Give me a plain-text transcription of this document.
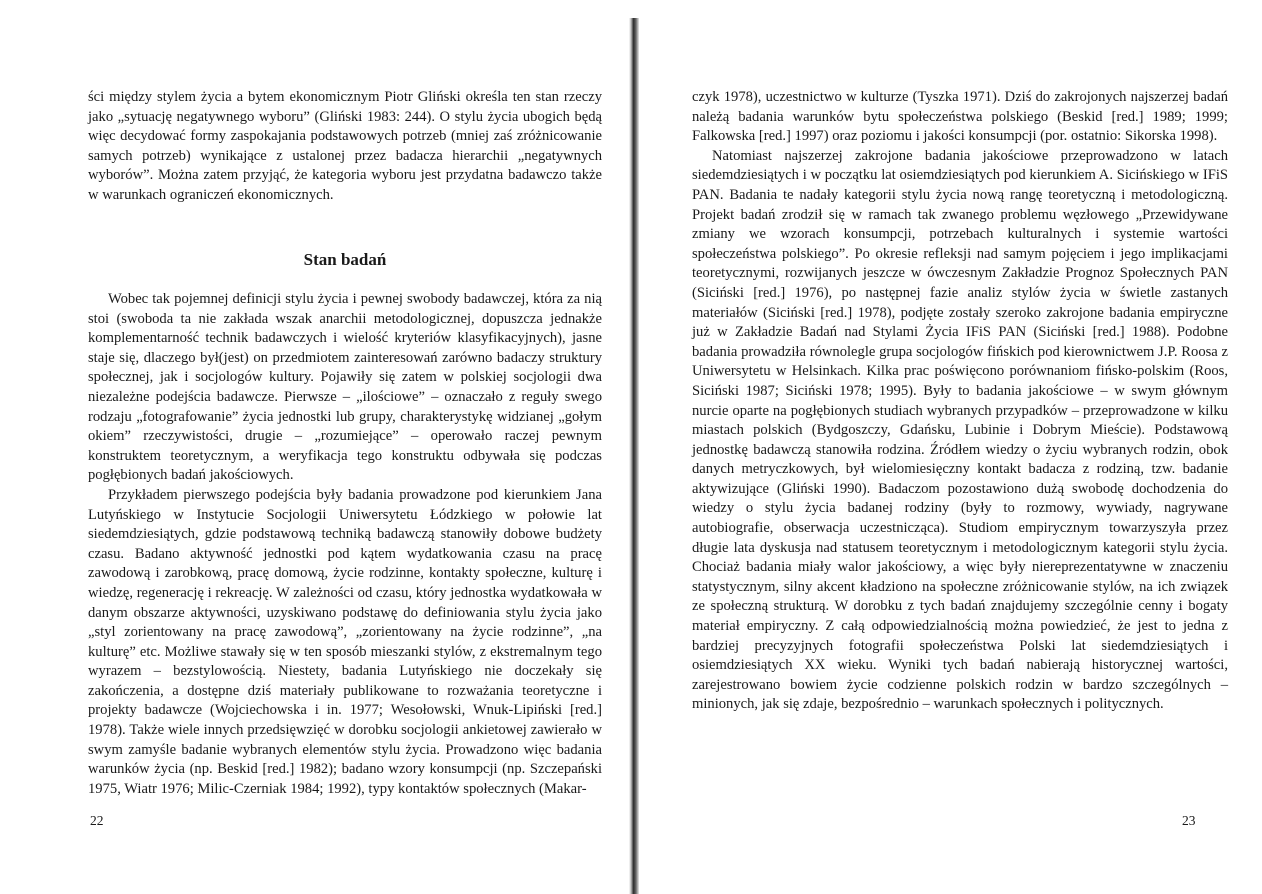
ści między stylem życia a bytem ekonomicznym Piotr Gliński określa ten stan rzeczy jako „sytuację negatywnego wyboru” (Gliński 1983: 244). O stylu życia ubogich będą więc decydować formy zaspokajania podstawowych potrzeb (mniej zaś zróżnicowanie samych potrzeb) wynikające z ustalonej przez badacza hierarchii „negatywnych wyborów”. Można zatem przyjąć, że kategoria wyboru jest przydatna badawczo także w warunkach ograniczeń ekonomicznych.

Stan badań

Wobec tak pojemnej definicji stylu życia i pewnej swobody badawczej, która za nią stoi (swoboda ta nie zakłada wszak anarchii metodologicznej, dopuszcza jednakże komplementarność technik badawczych i wielość kryteriów klasyfikacyjnych), jasne staje się, dlaczego był(jest) on przedmiotem zainteresowań zarówno badaczy struktury społecznej, jak i socjologów kultury. Pojawiły się zatem w polskiej socjologii dwa niezależne podejścia badawcze. Pierwsze – „ilościowe” – oznaczało z reguły swego rodzaju „fotografowanie” życia jednostki lub grupy, charakterystykę widzianej „gołym okiem” rzeczywistości, drugie – „rozumiejące” – operowało raczej pewnym konstruktem teoretycznym, a weryfikacja tego konstruktu odbywała się podczas pogłębionych badań jakościowych.

Przykładem pierwszego podejścia były badania prowadzone pod kierunkiem Jana Lutyńskiego w Instytucie Socjologii Uniwersytetu Łódzkiego w połowie lat siedemdziesiątych, gdzie podstawową techniką badawczą stanowiły dobowe budżety czasu. Badano aktywność jednostki pod kątem wydatkowania czasu na pracę zawodową i zarobkową, pracę domową, życie rodzinne, kontakty społeczne, kulturę i wiedzę, regenerację i rekreację. W zależności od czasu, który jednostka wydatkowała w danym obszarze aktywności, uzyskiwano podstawę do definiowania stylu życia jako „styl zorientowany na pracę zawodową”, „zorientowany na życie rodzinne”, „na kulturę” etc. Możliwe stawały się w ten sposób mieszanki stylów, z ekstremalnym tego wyrazem – bezstylowością. Niestety, badania Lutyńskiego nie doczekały się zakończenia, a dostępne dziś materiały publikowane to rozważania teoretyczne i projekty badawcze (Wojciechowska i in. 1977; Wesołowski, Wnuk-Lipiński [red.] 1978). Także wiele innych przedsięwzięć w dorobku socjologii ankietowej zawierało w swym zamyśle badanie wybranych elementów stylu życia. Prowadzono więc badania warunków życia (np. Beskid [red.] 1982); badano wzory konsumpcji (np. Szczepański 1975, Wiatr 1976; Milic-Czerniak 1984; 1992), typy kontaktów społecznych (Makar-

22

czyk 1978), uczestnictwo w kulturze (Tyszka 1971). Dziś do zakrojonych najszerzej badań należą badania warunków bytu społeczeństwa polskiego (Beskid [red.] 1989; 1999; Falkowska [red.] 1997) oraz poziomu i jakości konsumpcji (por. ostatnio: Sikorska 1998).

Natomiast najszerzej zakrojone badania jakościowe przeprowadzono w latach siedemdziesiątych i w początku lat osiemdziesiątych pod kierunkiem A. Sicińskiego w IFiS PAN. Badania te nadały kategorii stylu życia nową rangę teoretyczną i metodologiczną. Projekt badań zrodził się w ramach tak zwanego problemu węzłowego „Przewidywane zmiany we wzorach konsumpcji, potrzebach kulturalnych i systemie wartości społeczeństwa polskiego”. Po okresie refleksji nad samym pojęciem i jego implikacjami teoretycznymi, rozwijanych jeszcze w ówczesnym Zakładzie Prognoz Społecznych PAN (Siciński [red.] 1976), po następnej fazie analiz stylów życia w świetle zastanych materiałów (Siciński [red.] 1978), podjęte zostały szeroko zakrojone badania empiryczne już w Zakładzie Badań nad Stylami Życia IFiS PAN (Siciński [red.] 1988). Podobne badania prowadziła równolegle grupa socjologów fińskich pod kierownictwem J.P. Roosa z Uniwersytetu w Helsinkach. Kilka prac poświęcono porównaniom fińsko-polskim (Roos, Siciński 1987; Siciński 1978; 1995). Były to badania jakościowe – w swym głównym nurcie oparte na pogłębionych studiach wybranych przypadków – przeprowadzone w kilku miastach polskich (Bydgoszczy, Gdańsku, Lubinie i Dobrym Mieście). Podstawową jednostkę badawczą stanowiła rodzina. Źródłem wiedzy o życiu wybranych rodzin, obok danych metryczkowych, był wielomiesięczny kontakt badacza z rodziną, tzw. badanie aktywizujące (Gliński 1990). Badaczom pozostawiono dużą swobodę dochodzenia do wiedzy o stylu życia badanej rodziny (były to rozmowy, wywiady, nagrywane autobiografie, obserwacja uczestnicząca). Studiom empirycznym towarzyszyła przez długie lata dyskusja nad statusem teoretycznym i metodologicznym kategorii stylu życia. Chociaż badania miały walor jakościowy, a więc były niereprezentatywne w znaczeniu statystycznym, silny akcent kładziono na społeczne zróżnicowanie stylów, na ich związek ze społeczną strukturą. W dorobku z tych badań znajdujemy szczególnie cenny i bogaty materiał empiryczny. Z całą odpowiedzialnością można powiedzieć, że jest to jedna z bardziej precyzyjnych fotografii społeczeństwa Polski lat siedemdziesiątych i osiemdziesiątych XX wieku. Wyniki tych badań nabierają historycznej wartości, zarejestrowano bowiem życie codzienne polskich rodzin w bardzo szczególnych – minionych, jak się zdaje, bezpośrednio – warunkach społecznych i politycznych.

23
